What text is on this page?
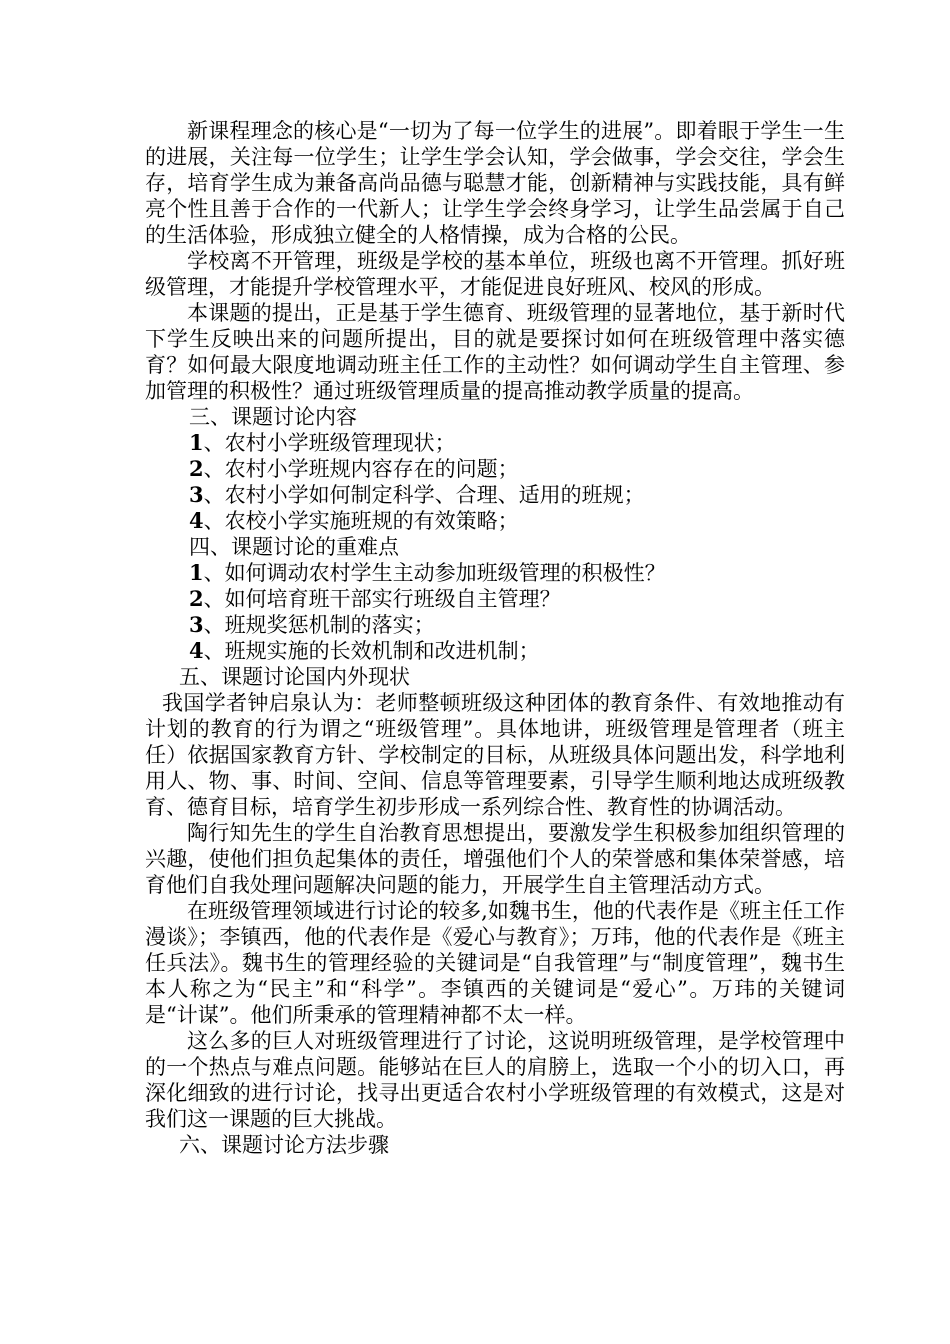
新课程理念的核心是“一切为了每一位学生的进展”。即着眼于学生一生的进展，关注每一位学生；让学生学会认知，学会做事，学会交往，学会生存，培育学生成为兼备高尚品德与聪慧才能，创新精神与实践技能，具有鲜亮个性且善于合作的一代新人；让学生学会终身学习，让学生品尝属于自己的生活体验，形成独立健全的人格情操，成为合格的公民。

学校离不开管理，班级是学校的基本单位，班级也离不开管理。抓好班级管理，才能提升学校管理水平，才能促进良好班风、校风的形成。

本课题的提出，正是基于学生德育、班级管理的显著地位，基于新时代下学生反映出来的问题所提出，目的就是要探讨如何在班级管理中落实德育？如何最大限度地调动班主任工作的主动性？如何调动学生自主管理、参加管理的积极性？通过班级管理质量的提高推动教学质量的提高。

三、课题讨论内容

1、农村小学班级管理现状；

2、农村小学班规内容存在的问题；

3、农村小学如何制定科学、合理、适用的班规；

4、农校小学实施班规的有效策略；

四、课题讨论的重难点

1、如何调动农村学生主动参加班级管理的积极性？

2、如何培育班干部实行班级自主管理？

3、班规奖惩机制的落实；

4、班规实施的长效机制和改进机制；

五、课题讨论国内外现状

我国学者钟启泉认为：老师整顿班级这种团体的教育条件、有效地推动有计划的教育的行为谓之“班级管理”。具体地讲，班级管理是管理者（班主任）依据国家教育方针、学校制定的目标，从班级具体问题出发，科学地利用人、物、事、时间、空间、信息等管理要素，引导学生顺利地达成班级教育、德育目标，培育学生初步形成一系列综合性、教育性的协调活动。

陶行知先生的学生自治教育思想提出，要激发学生积极参加组织管理的兴趣，使他们担负起集体的责任，增强他们个人的荣誉感和集体荣誉感，培育他们自我处理问题解决问题的能力，开展学生自主管理活动方式。

在班级管理领域进行讨论的较多,如魏书生，他的代表作是《班主任工作漫谈》；李镇西，他的代表作是《爱心与教育》；万玮，他的代表作是《班主任兵法》。魏书生的管理经验的关键词是“自我管理”与“制度管理”，魏书生本人称之为“民主”和“科学”。李镇西的关键词是“爱心”。万玮的关键词是“计谋”。他们所秉承的管理精神都不太一样。

这么多的巨人对班级管理进行了讨论，这说明班级管理，是学校管理中的一个热点与难点问题。能够站在巨人的肩膀上，选取一个小的切入口，再深化细致的进行讨论，找寻出更适合农村小学班级管理的有效模式，这是对我们这一课题的巨大挑战。

六、课题讨论方法步骤
